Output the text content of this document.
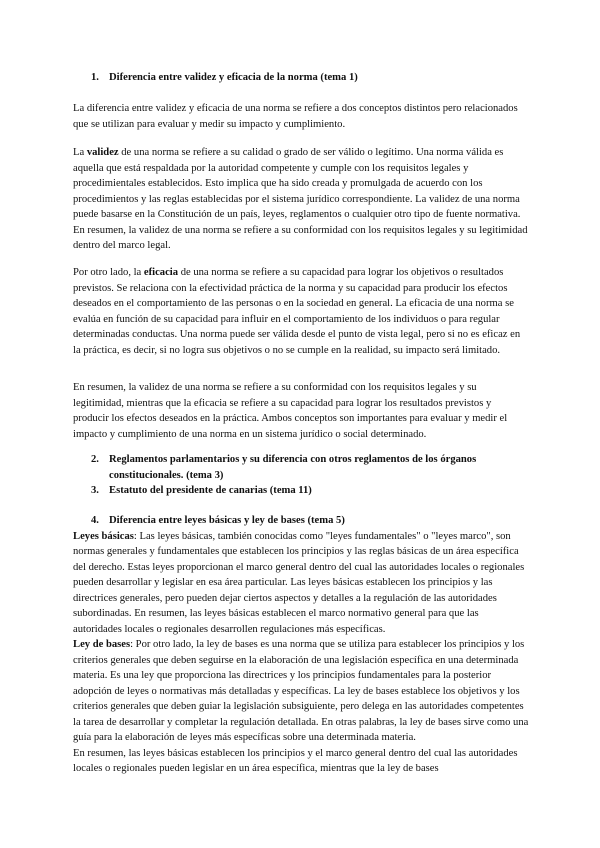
1. Diferencia entre validez y eficacia de la norma (tema 1)

La diferencia entre validez y eficacia de una norma se refiere a dos conceptos distintos pero relacionados que se utilizan para evaluar y medir su impacto y cumplimiento.

La validez de una norma se refiere a su calidad o grado de ser válido o legítimo. Una norma válida es aquella que está respaldada por la autoridad competente y cumple con los requisitos legales y procedimientales establecidos. Esto implica que ha sido creada y promulgada de acuerdo con los procedimientos y las reglas establecidas por el sistema jurídico correspondiente. La validez de una norma puede basarse en la Constitución de un país, leyes, reglamentos o cualquier otro tipo de fuente normativa. En resumen, la validez de una norma se refiere a su conformidad con los requisitos legales y su legitimidad dentro del marco legal.

Por otro lado, la eficacia de una norma se refiere a su capacidad para lograr los objetivos o resultados previstos. Se relaciona con la efectividad práctica de la norma y su capacidad para producir los efectos deseados en el comportamiento de las personas o en la sociedad en general. La eficacia de una norma se evalúa en función de su capacidad para influir en el comportamiento de los individuos o para regular determinadas conductas. Una norma puede ser válida desde el punto de vista legal, pero si no es eficaz en la práctica, es decir, si no logra sus objetivos o no se cumple en la realidad, su impacto será limitado.

En resumen, la validez de una norma se refiere a su conformidad con los requisitos legales y su legitimidad, mientras que la eficacia se refiere a su capacidad para lograr los resultados previstos y producir los efectos deseados en la práctica. Ambos conceptos son importantes para evaluar y medir el impacto y cumplimiento de una norma en un sistema jurídico o social determinado.

2. Reglamentos parlamentarios y su diferencia con otros reglamentos de los órganos constitucionales. (tema 3)
3. Estatuto del presidente de canarias (tema 11)
4. Diferencia entre leyes básicas y ley de bases (tema 5)

Leyes básicas: Las leyes básicas, también conocidas como "leyes fundamentales" o "leyes marco", son normas generales y fundamentales que establecen los principios y las reglas básicas de un área específica del derecho. Estas leyes proporcionan el marco general dentro del cual las autoridades locales o regionales pueden desarrollar y legislar en esa área particular. Las leyes básicas establecen los principios y las directrices generales, pero pueden dejar ciertos aspectos y detalles a la regulación de las autoridades subordinadas. En resumen, las leyes básicas establecen el marco normativo general para que las autoridades locales o regionales desarrollen regulaciones más específicas.

Ley de bases: Por otro lado, la ley de bases es una norma que se utiliza para establecer los principios y los criterios generales que deben seguirse en la elaboración de una legislación específica en una determinada materia. Es una ley que proporciona las directrices y los principios fundamentales para la posterior adopción de leyes o normativas más detalladas y específicas. La ley de bases establece los objetivos y los criterios generales que deben guiar la legislación subsiguiente, pero delega en las autoridades competentes la tarea de desarrollar y completar la regulación detallada. En otras palabras, la ley de bases sirve como una guía para la elaboración de leyes más específicas sobre una determinada materia.

En resumen, las leyes básicas establecen los principios y el marco general dentro del cual las autoridades locales o regionales pueden legislar en un área específica, mientras que la ley de bases
